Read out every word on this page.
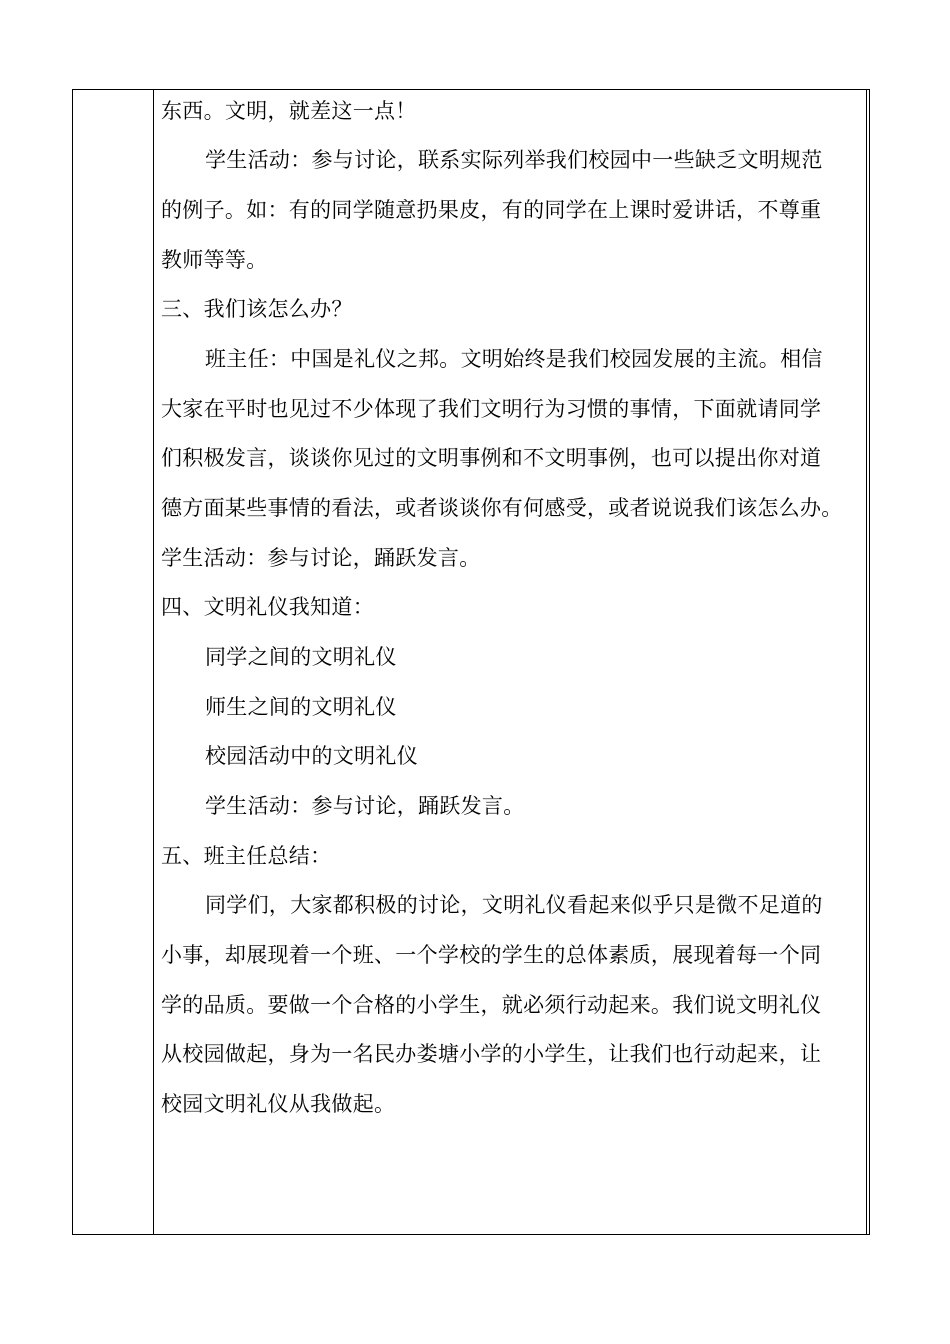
东西。文明，就差这一点！
学生活动：参与讨论，联系实际列举我们校园中一些缺乏文明规范
的例子。如：有的同学随意扔果皮，有的同学在上课时爱讲话，不尊重
教师等等。
三、我们该怎么办？
班主任：中国是礼仪之邦。文明始终是我们校园发展的主流。相信
大家在平时也见过不少体现了我们文明行为习惯的事情，下面就请同学
们积极发言，谈谈你见过的文明事例和不文明事例，也可以提出你对道
德方面某些事情的看法，或者谈谈你有何感受，或者说说我们该怎么办。
学生活动：参与讨论，踊跃发言。
四、文明礼仪我知道：
同学之间的文明礼仪
师生之间的文明礼仪
校园活动中的文明礼仪
学生活动：参与讨论，踊跃发言。
五、班主任总结：
同学们，大家都积极的讨论，文明礼仪看起来似乎只是微不足道的
小事，却展现着一个班、一个学校的学生的总体素质，展现着每一个同
学的品质。要做一个合格的小学生，就必须行动起来。我们说文明礼仪
从校园做起，身为一名民办娄塘小学的小学生，让我们也行动起来，让
校园文明礼仪从我做起。
